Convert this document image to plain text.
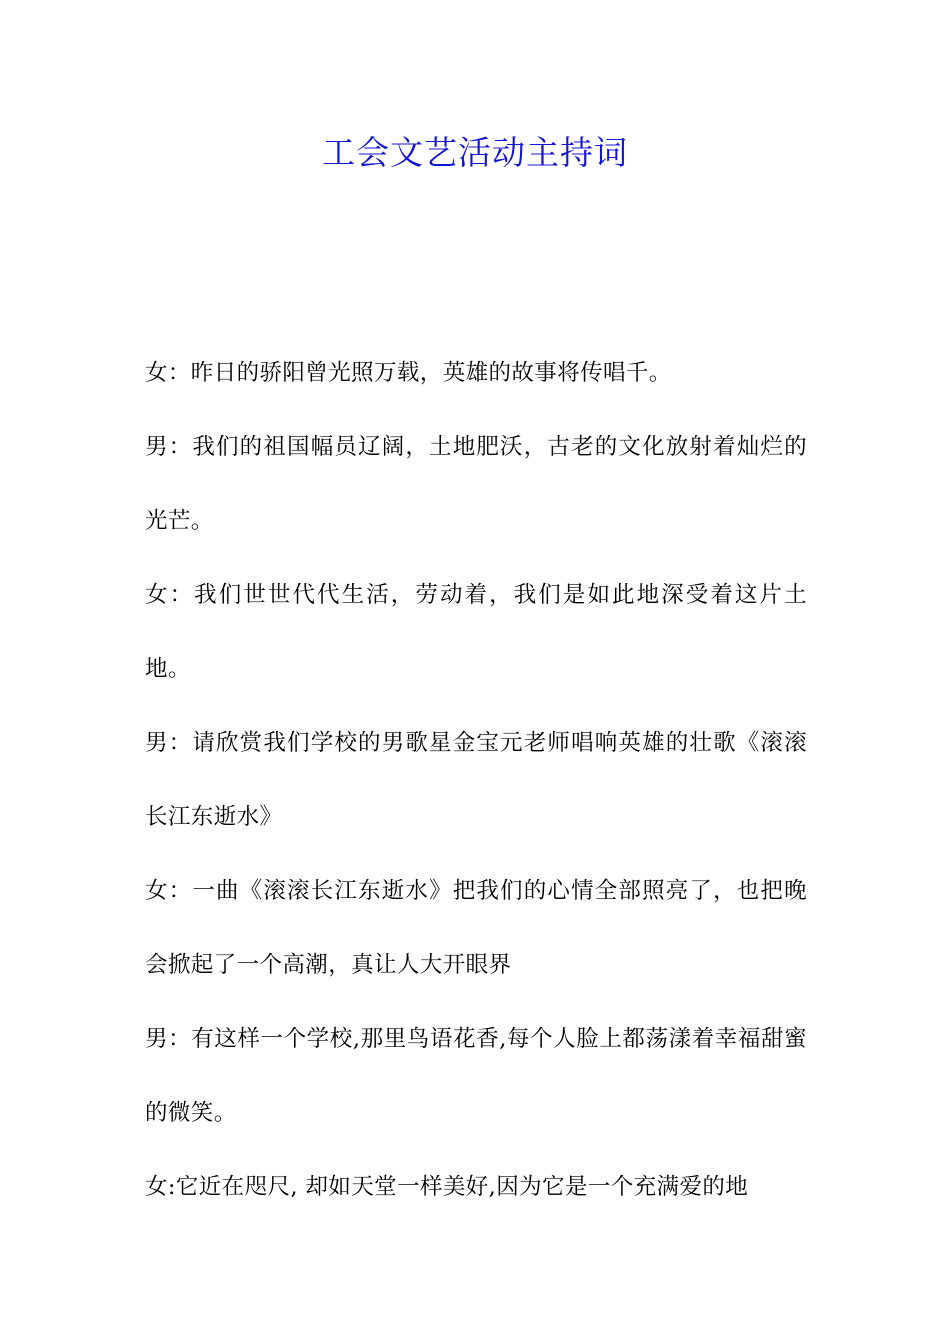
工会文艺活动主持词

女：昨日的骄阳曾光照万载，英雄的故事将传唱千。

男：我们的祖国幅员辽阔，土地肥沃，古老的文化放射着灿烂的光芒。

女：我们世世代代生活，劳动着，我们是如此地深受着这片土地。

男：请欣赏我们学校的男歌星金宝元老师唱响英雄的壮歌《滚滚长江东逝水》

女：一曲《滚滚长江东逝水》把我们的心情全部照亮了，也把晚会掀起了一个高潮，真让人大开眼界

男：有这样一个学校,那里鸟语花香,每个人脸上都荡漾着幸福甜蜜的微笑。

女:它近在咫尺, 却如天堂一样美好,因为它是一个充满爱的地
